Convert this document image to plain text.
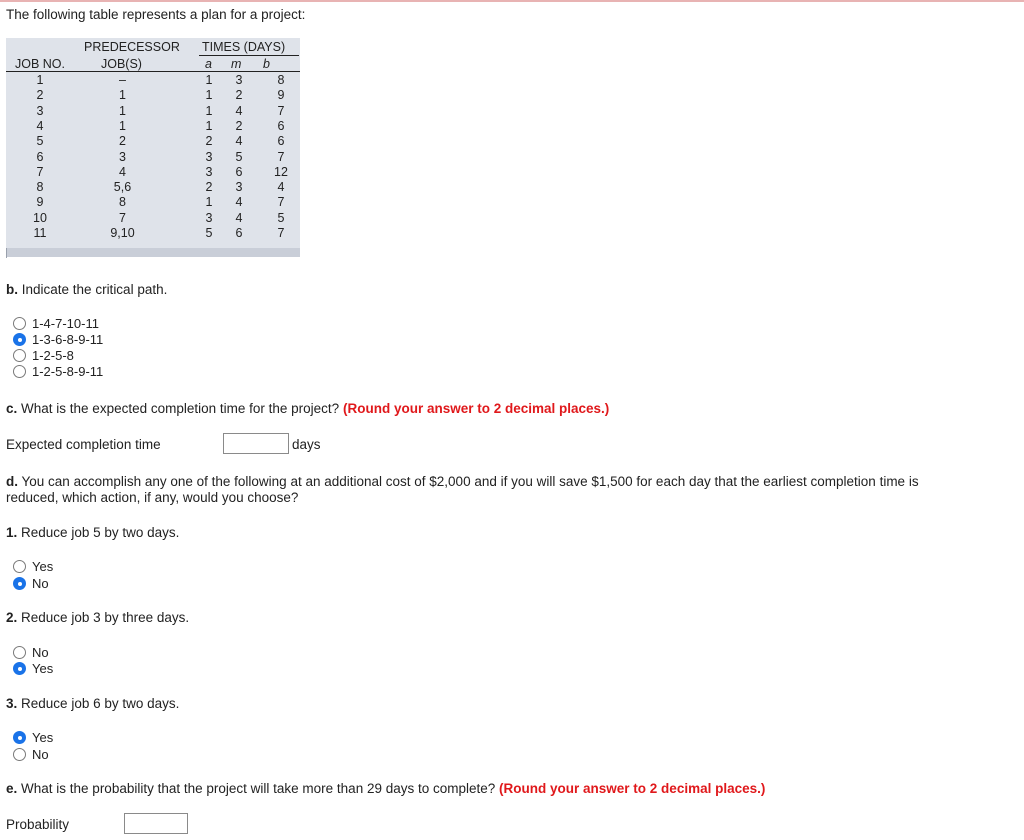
The following table represents a plan for a project:

PREDECESSOR TIMES (DAYS)
JOB NO.	JOB(S)	a m b
1	–	1	3	8
2	1	1	2	9
3	1	1	4	7
4	1	1	2	6
5	2	2	4	6
6	3	3	5	7
7	4	3	6	12
8	5,6	2	3	4
9	8	1	4	7
10	7	3	4	5
11	9,10	5	6	7

b. Indicate the critical path.

1-4-7-10-11
1-3-6-8-9-11
1-2-5-8
1-2-5-8-9-11

c. What is the expected completion time for the project? (Round your answer to 2 decimal places.)

Expected completion time	days

d. You can accomplish any one of the following at an additional cost of $2,000 and if you will save $1,500 for each day that the earliest completion time is

reduced, which action, if any, would you choose?

1. Reduce job 5 by two days.

Yes
No

2. Reduce job 3 by three days.

No
Yes

3. Reduce job 6 by two days.

Yes
No

e. What is the probability that the project will take more than 29 days to complete? (Round your answer to 2 decimal places.)

Probability
